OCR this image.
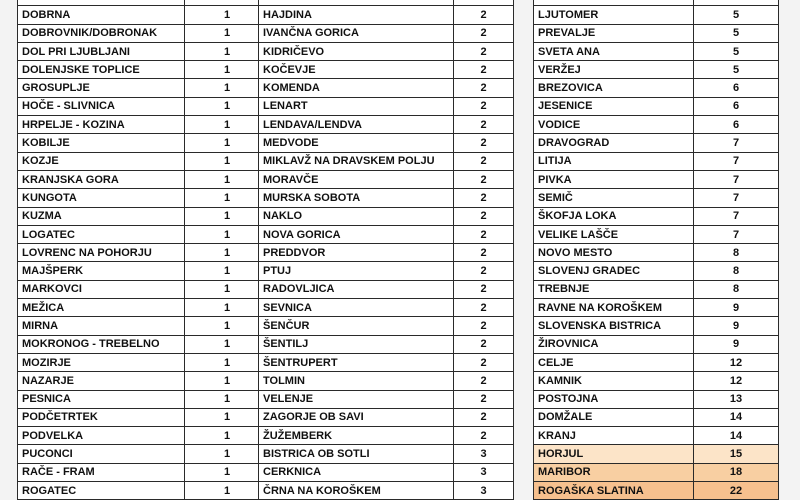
DOBRNA	1
DOBROVNIK/DOBRONAK	1
DOL PRI LJUBLJANI	1
DOLENJSKE TOPLICE	1
GROSUPLJE	1
HOČE - SLIVNICA	1
HRPELJE - KOZINA	1
KOBILJE	1
KOZJE	1
KRANJSKA GORA	1
KUNGOTA	1
KUZMA	1
LOGATEC	1
LOVRENC NA POHORJU	1
MAJŠPERK	1
MARKOVCI	1
MEŽICA	1
MIRNA	1
MOKRONOG - TREBELNO	1
MOZIRJE	1
NAZARJE	1
PESNICA	1
PODČETRTEK	1
PODVELKA	1
PUCONCI	1
RAČE - FRAM	1
ROGATEC	1

HAJDINA	2
IVANČNA GORICA	2
KIDRIČEVO	2
KOČEVJE	2
KOMENDA	2
LENART	2
LENDAVA/LENDVA	2
MEDVODE	2
MIKLAVŽ NA DRAVSKEM POLJU	2
MORAVČE	2
MURSKA SOBOTA	2
NAKLO	2
NOVA GORICA	2
PREDDVOR	2
PTUJ	2
RADOVLJICA	2
SEVNICA	2
ŠENČUR	2
ŠENTILJ	2
ŠENTRUPERT	2
TOLMIN	2
VELENJE	2
ZAGORJE OB SAVI	2
ŽUŽEMBERK	2
BISTRICA OB SOTLI	3
CERKNICA	3
ČRNA NA KOROŠKEM	3

LJUTOMER	5
PREVALJE	5
SVETA ANA	5
VERŽEJ	5
BREZOVICA	6
JESENICE	6
VODICE	6
DRAVOGRAD	7
LITIJA	7
PIVKA	7
SEMIČ	7
ŠKOFJA LOKA	7
VELIKE LAŠČE	7
NOVO MESTO	8
SLOVENJ GRADEC	8
TREBNJE	8
RAVNE NA KOROŠKEM	9
SLOVENSKA BISTRICA	9
ŽIROVNICA	9
CELJE	12
KAMNIK	12
POSTOJNA	13
DOMŽALE	14
KRANJ	14
HORJUL	15
MARIBOR	18
ROGAŠKA SLATINA	22
